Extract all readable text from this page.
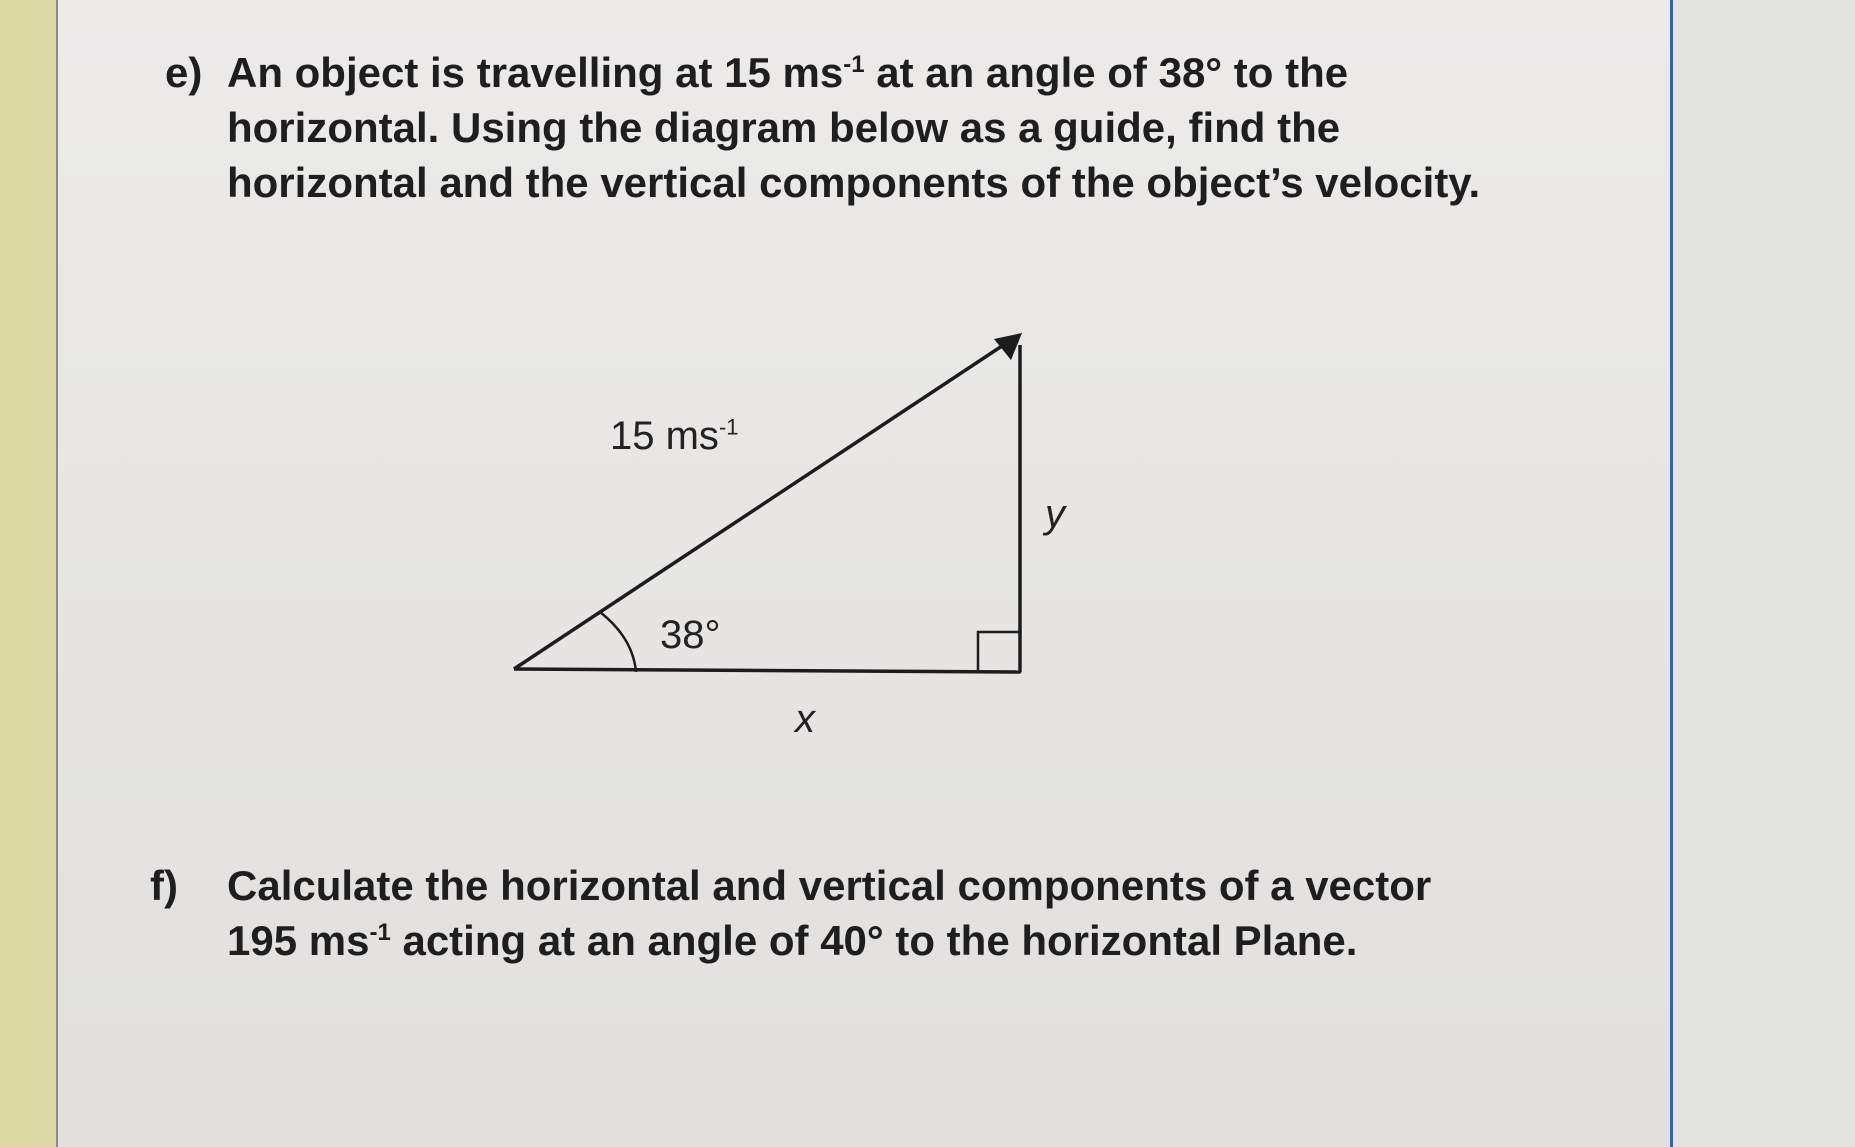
e) An object is travelling at 15 $ms^{-1}$ at an angle of 38° to the
horizontal. Using the diagram below as a guide, find the
horizontal and the vertical components of the object’s velocity.
15 $ms^{-1}$
38°
y
x
f) Calculate the horizontal and vertical components of a vector
195 $ms^{-1}$ acting at an angle of 40° to the horizontal Plane.
